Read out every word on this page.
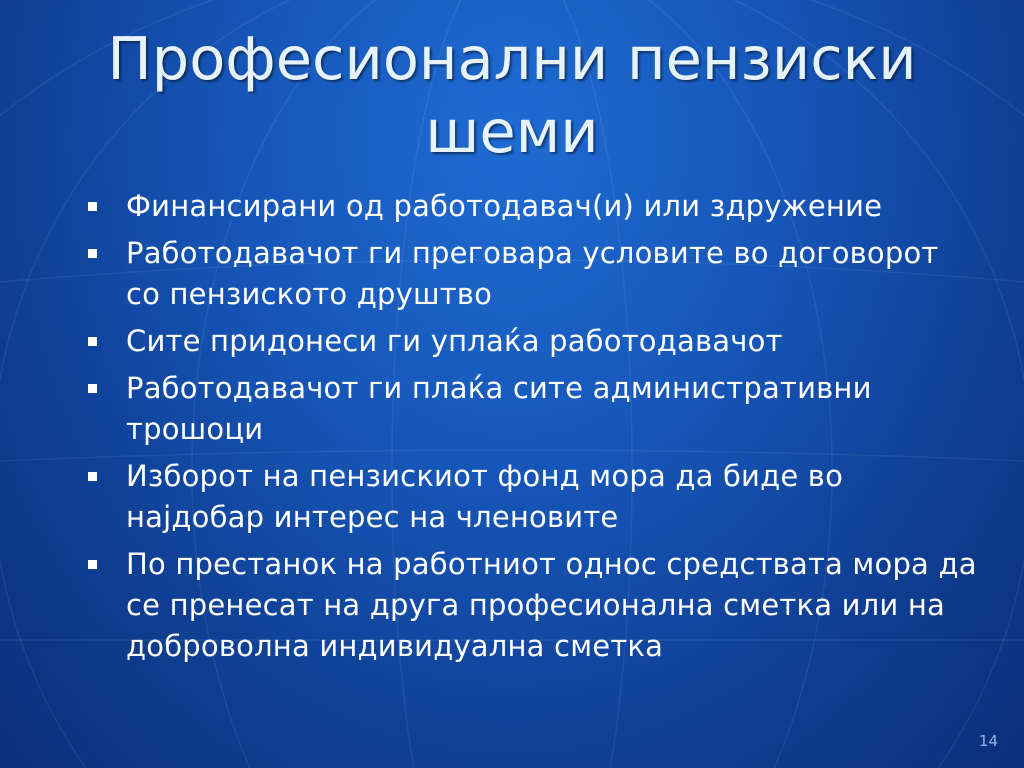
Професионални пензиски шеми
Финансирани од работодавач(и) или здружение
Работодавачот ги преговара условите во договорот со пензиското друштво
Сите придонеси ги уплаќа работодавачот
Работодавачот ги плаќа сите административни трошоци
Изборот на пензискиот фонд мора да биде во најдобар интерес на членовите
По престанок на работниот однос средствата мора да се пренесат на друга професионална сметка или на доброволна индивидуална сметка
14
